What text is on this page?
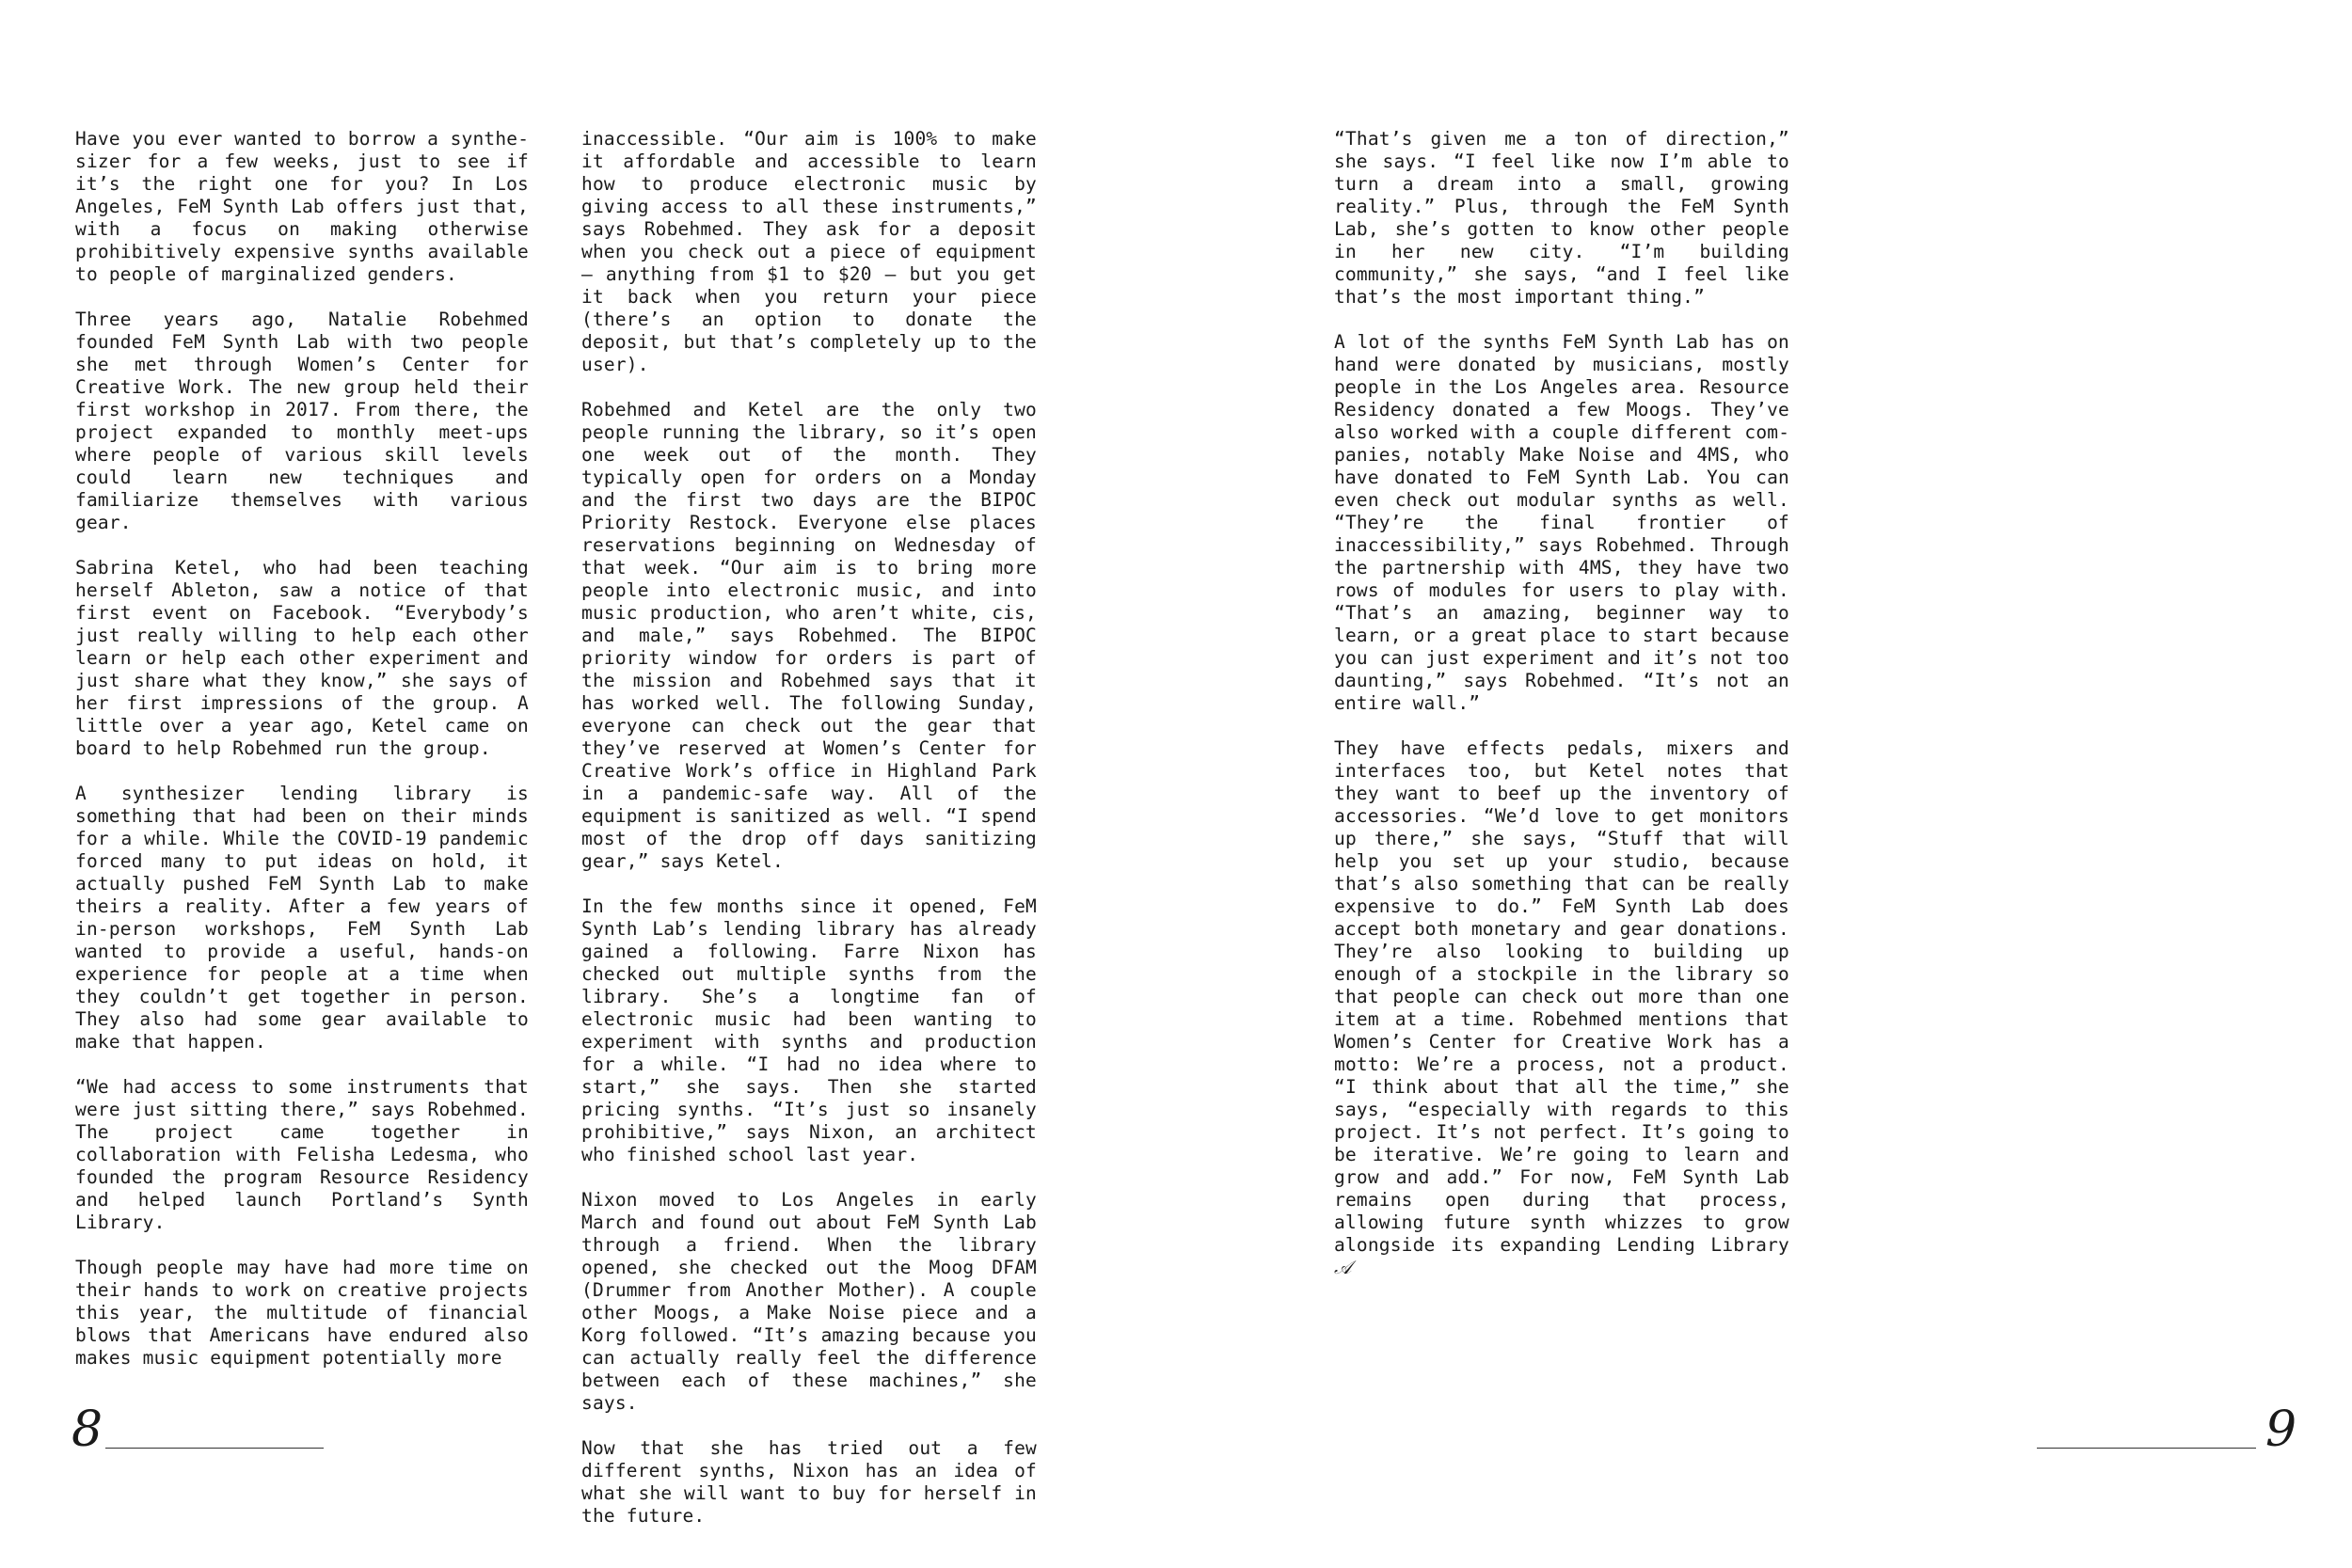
Have you ever wanted to borrow a synthesizer for a few weeks, just to see if it’s the right one for you? In Los Angeles, FeM Synth Lab offers just that, with a focus on making otherwise prohibitively expensive synths available to people of marginalized genders.

Three years ago, Natalie Robehmed founded FeM Synth Lab with two people she met through Women’s Center for Creative Work. The new group held their first workshop in 2017. From there, the project expanded to monthly meet-ups where people of various skill levels could learn new techniques and familiarize themselves with various gear.

Sabrina Ketel, who had been teaching herself Ableton, saw a notice of that first event on Facebook. “Everybody’s just really willing to help each other learn or help each other experiment and just share what they know,” she says of her first impressions of the group. A little over a year ago, Ketel came on board to help Robehmed run the group.

A synthesizer lending library is something that had been on their minds for a while. While the COVID-19 pandemic forced many to put ideas on hold, it actually pushed FeM Synth Lab to make theirs a reality. After a few years of in-person workshops, FeM Synth Lab wanted to provide a useful, hands-on experience for people at a time when they couldn’t get together in person. They also had some gear available to make that happen.

“We had access to some instruments that were just sitting there,” says Robehmed. The project came together in collaboration with Felisha Ledesma, who founded the program Resource Residency and helped launch Portland’s Synth Library.

Though people may have had more time on their hands to work on creative projects this year, the multitude of financial blows that Americans have endured also makes music equipment potentially more

inaccessible. “Our aim is 100% to make it affordable and accessible to learn how to produce electronic music by giving access to all these instruments,” says Robehmed. They ask for a deposit when you check out a piece of equipment – anything from $1 to $20 – but you get it back when you return your piece (there’s an option to donate the deposit, but that’s completely up to the user).

Robehmed and Ketel are the only two people running the library, so it’s open one week out of the month. They typically open for orders on a Monday and the first two days are the BIPOC Priority Restock. Everyone else places reservations beginning on Wednesday of that week. “Our aim is to bring more people into electronic music, and into music production, who aren’t white, cis, and male,” says Robehmed. The BIPOC priority window for orders is part of the mission and Robehmed says that it has worked well. The following Sunday, everyone can check out the gear that they’ve reserved at Women’s Center for Creative Work’s office in Highland Park in a pandemic-safe way. All of the equipment is sanitized as well. “I spend most of the drop off days sanitizing gear,” says Ketel.

In the few months since it opened, FeM Synth Lab’s lending library has already gained a following. Farre Nixon has checked out multiple synths from the library. She’s a longtime fan of electronic music had been wanting to experiment with synths and production for a while. “I had no idea where to start,” she says. Then she started pricing synths. “It’s just so insanely prohibitive,” says Nixon, an architect who finished school last year.

Nixon moved to Los Angeles in early March and found out about FeM Synth Lab through a friend. When the library opened, she checked out the Moog DFAM (Drummer from Another Mother). A couple other Moogs, a Make Noise piece and a Korg followed. “It’s amazing because you can actually really feel the difference between each of these machines,” she says.

Now that she has tried out a few different synths, Nixon has an idea of what she will want to buy for herself in the future.

“That’s given me a ton of direction,” she says. “I feel like now I’m able to turn a dream into a small, growing reality.” Plus, through the FeM Synth Lab, she’s gotten to know other people in her new city. “I’m building community,” she says, “and I feel like that’s the most important thing.”

A lot of the synths FeM Synth Lab has on hand were donated by musicians, mostly people in the Los Angeles area. Resource Residency donated a few Moogs. They’ve also worked with a couple different companies, notably Make Noise and 4MS, who have donated to FeM Synth Lab. You can even check out modular synths as well. “They’re the final frontier of inaccessibility,” says Robehmed. Through the partnership with 4MS, they have two rows of modules for users to play with. “That’s an amazing, beginner way to learn, or a great place to start because you can just experiment and it’s not too daunting,” says Robehmed. “It’s not an entire wall.”

They have effects pedals, mixers and interfaces too, but Ketel notes that they want to beef up the inventory of accessories. “We’d love to get monitors up there,” she says, “Stuff that will help you set up your studio, because that’s also something that can be really expensive to do.” FeM Synth Lab does accept both monetary and gear donations. They’re also looking to building up enough of a stockpile in the library so that people can check out more than one item at a time. Robehmed mentions that Women’s Center for Creative Work has a motto: We’re a process, not a product. “I think about that all the time,” she says, “especially with regards to this project. It’s not perfect. It’s going to be iterative. We’re going to learn and grow and add.” For now, FeM Synth Lab remains open during that process, allowing future synth whizzes to grow alongside its expanding Lending Library 𝒜

8	9
